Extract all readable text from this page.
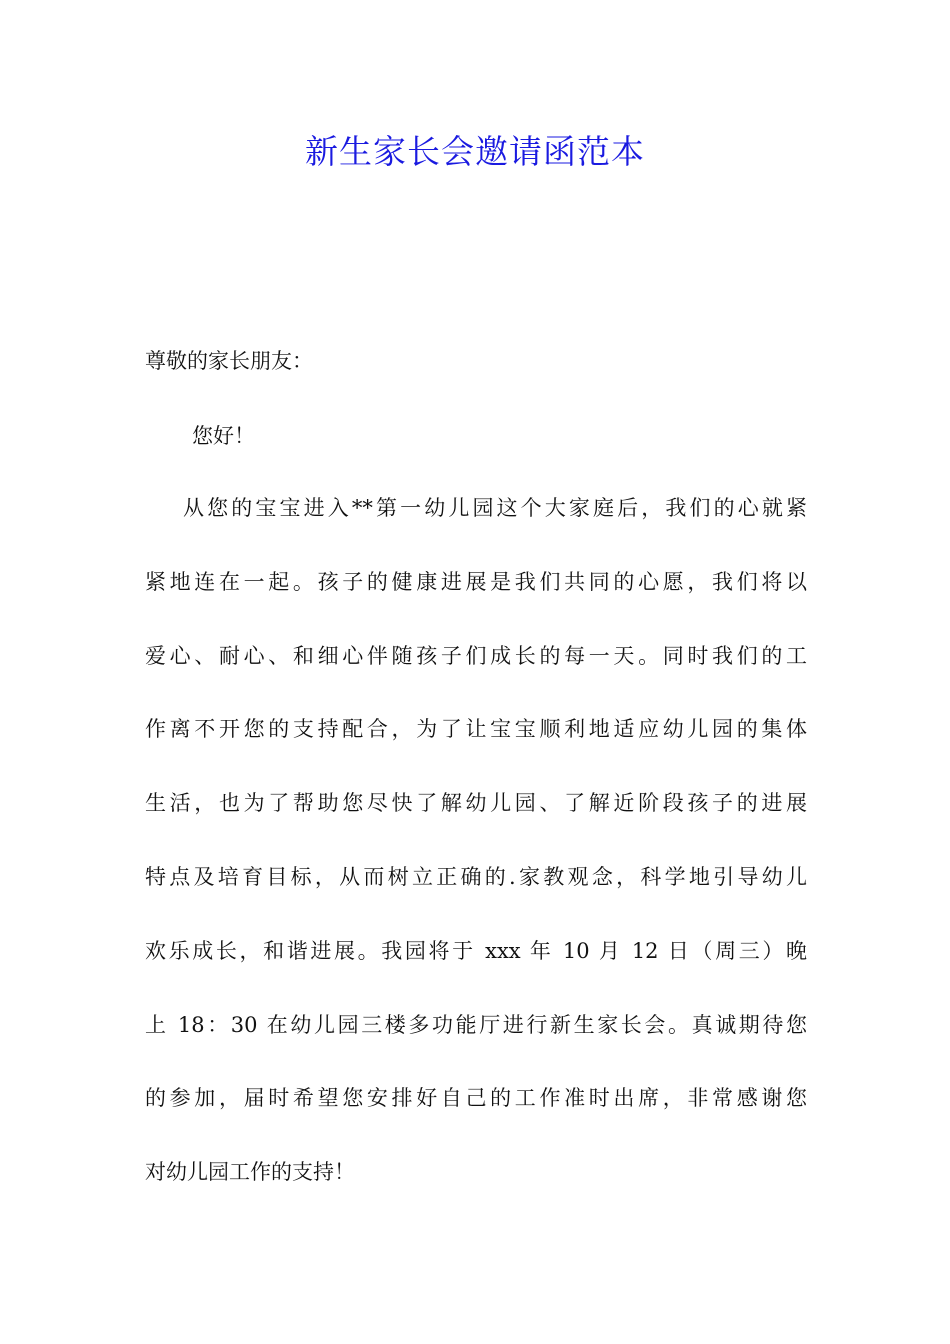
新生家长会邀请函范本
尊敬的家长朋友：
您好！
从您的宝宝进入**第一幼儿园这个大家庭后，我们的心就紧
紧地连在一起。孩子的健康进展是我们共同的心愿，我们将以
爱心、耐心、和细心伴随孩子们成长的每一天。同时我们的工
作离不开您的支持配合，为了让宝宝顺利地适应幼儿园的集体
生活，也为了帮助您尽快了解幼儿园、了解近阶段孩子的进展
特点及培育目标，从而树立正确的.家教观念，科学地引导幼儿
欢乐成长，和谐进展。我园将于 xxx 年 10 月 12 日（周三）晚
上 18：30 在幼儿园三楼多功能厅进行新生家长会。真诚期待您
的参加，届时希望您安排好自己的工作准时出席，非常感谢您
对幼儿园工作的支持！
